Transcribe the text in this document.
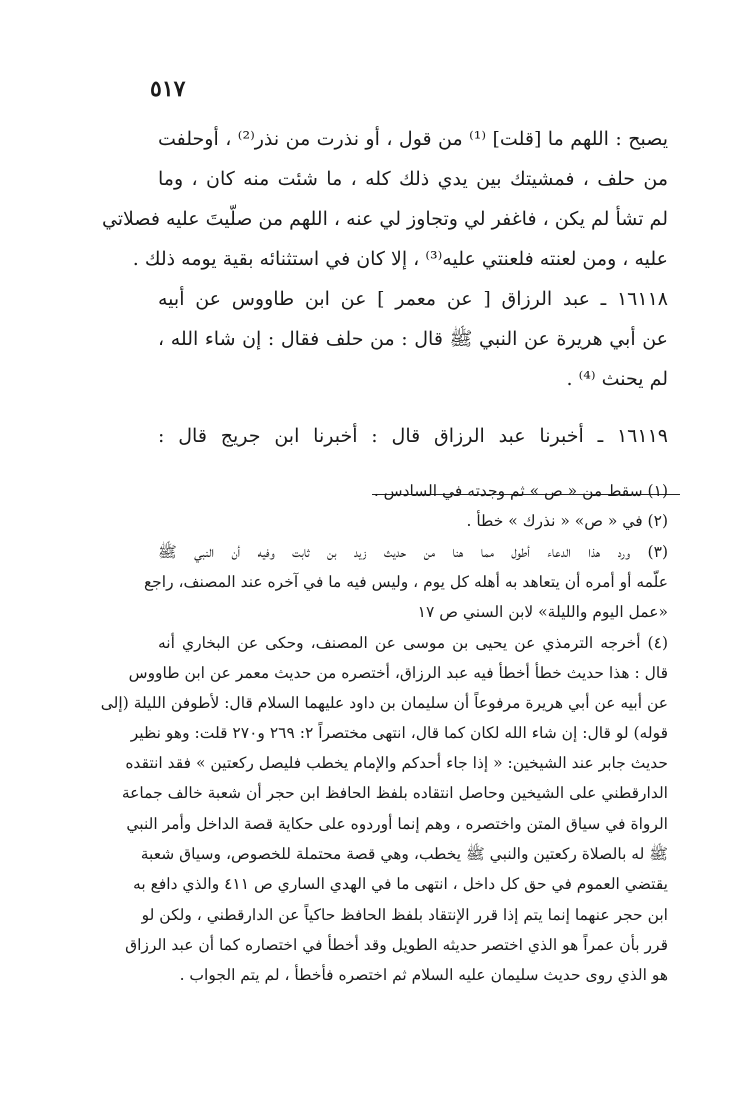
٥١٧
يصبح : اللهم ما [قلت] ⁽¹⁾ من قول ، أو نذرت من نذر⁽²⁾ ، أوحلفت
من حلف ، فمشيتك بين يدي ذلك كله ، ما شئت منه كان ، وما
لم تشأ لم يكن ، فاغفر لي وتجاوز لي عنه ، اللهم من صلّيتَ عليه فصلاتي
عليه ، ومن لعنته فلعنتي عليه⁽³⁾ ، إلا كان في استثنائه بقية يومه ذلك .
١٦١١٨ ـ عبد الرزاق [ عن معمر ] عن ابن طاووس عن أبيه
عن أبي هريرة عن النبي ﷺ قال : من حلف فقال : إن شاء الله ،
لم يحنث ⁽⁴⁾ .
١٦١١٩ ـ أخبرنا عبد الرزاق قال : أخبرنا ابن جريج قال :
(١) سقط من « ص » ثم وجدته في السادس .
(٢) في « ص» « نذرك » خطأ .
(٣) ورد هذا الدعاء أطول مما هنا من حديث زيد بن ثابت وفيه أن النبي ﷺ
علّمه أو أمره أن يتعاهد به أهله كل يوم ، وليس فيه ما في آخره عند المصنف، راجع
«عمل اليوم والليلة» لابن السني ص ١٧
(٤) أخرجه الترمذي عن يحيى بن موسى عن المصنف، وحكى عن البخاري أنه
قال : هذا حديث خطأ أخطأ فيه عبد الرزاق، أختصره من حديث معمر عن ابن طاووس
عن أبيه عن أبي هريرة مرفوعاً أن سليمان بن داود عليهما السلام قال: لأطوفن الليلة (إلى
قوله) لو قال: إن شاء الله لكان كما قال، انتهى مختصراً ٢: ٢٦٩ و٢٧٠ قلت: وهو نظير
حديث جابر عند الشيخين: « إذا جاء أحدكم والإمام يخطب فليصل ركعتين » فقد انتقده
الدارقطني على الشيخين وحاصل انتقاده بلفظ الحافظ ابن حجر أن شعبة خالف جماعة
الرواة في سياق المتن واختصره ، وهم إنما أوردوه على حكاية قصة الداخل وأمر النبي
ﷺ له بالصلاة ركعتين والنبي ﷺ يخطب، وهي قصة محتملة للخصوص، وسياق شعبة
يقتضي العموم في حق كل داخل ، انتهى ما في الهدي الساري ص ٤١١ والذي دافع به
ابن حجر عنهما إنما يتم إذا قرر الإنتقاد بلفظ الحافظ حاكياً عن الدارقطني ، ولكن لو
قرر بأن عمراً هو الذي اختصر حديثه الطويل وقد أخطأ في اختصاره كما أن عبد الرزاق
هو الذي روى حديث سليمان عليه السلام ثم اختصره فأخطأ ، لم يتم الجواب .
